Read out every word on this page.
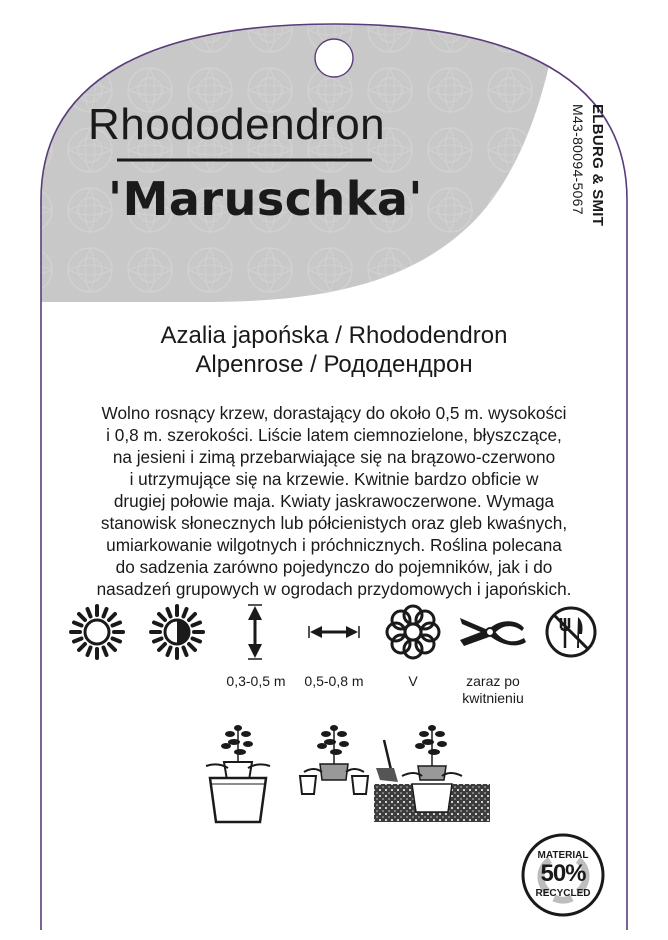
Rhododendron
'Maruschka'	ELBURG & SMIT
M43-80094-5067
Azalia japońska / Rhododendron
Alpenrose / Рододендрон
Wolno rosnący krzew, dorastający do około 0,5 m. wysokości
i 0,8 m. szerokości. Liście latem ciemnozielone, błyszczące,
na jesieni i zimą przebarwiające się na brązowo-czerwono
i utrzymujące się na krzewie. Kwitnie bardzo obficie w
drugiej połowie maja. Kwiaty jaskrawoczerwone. Wymaga
stanowisk słonecznych lub półcienistych oraz gleb kwaśnych,
umiarkowanie wilgotnych i próchnicznych. Roślina polecana
do sadzenia zarówno pojedynczo do pojemników, jak i do
nasadzeń grupowych w ogrodach przydomowych i japońskich.
0,3-0,5 m	0,5-0,8 m	V	zaraz po
kwitnieniu
MATERIAL
50%
RECYCLED
